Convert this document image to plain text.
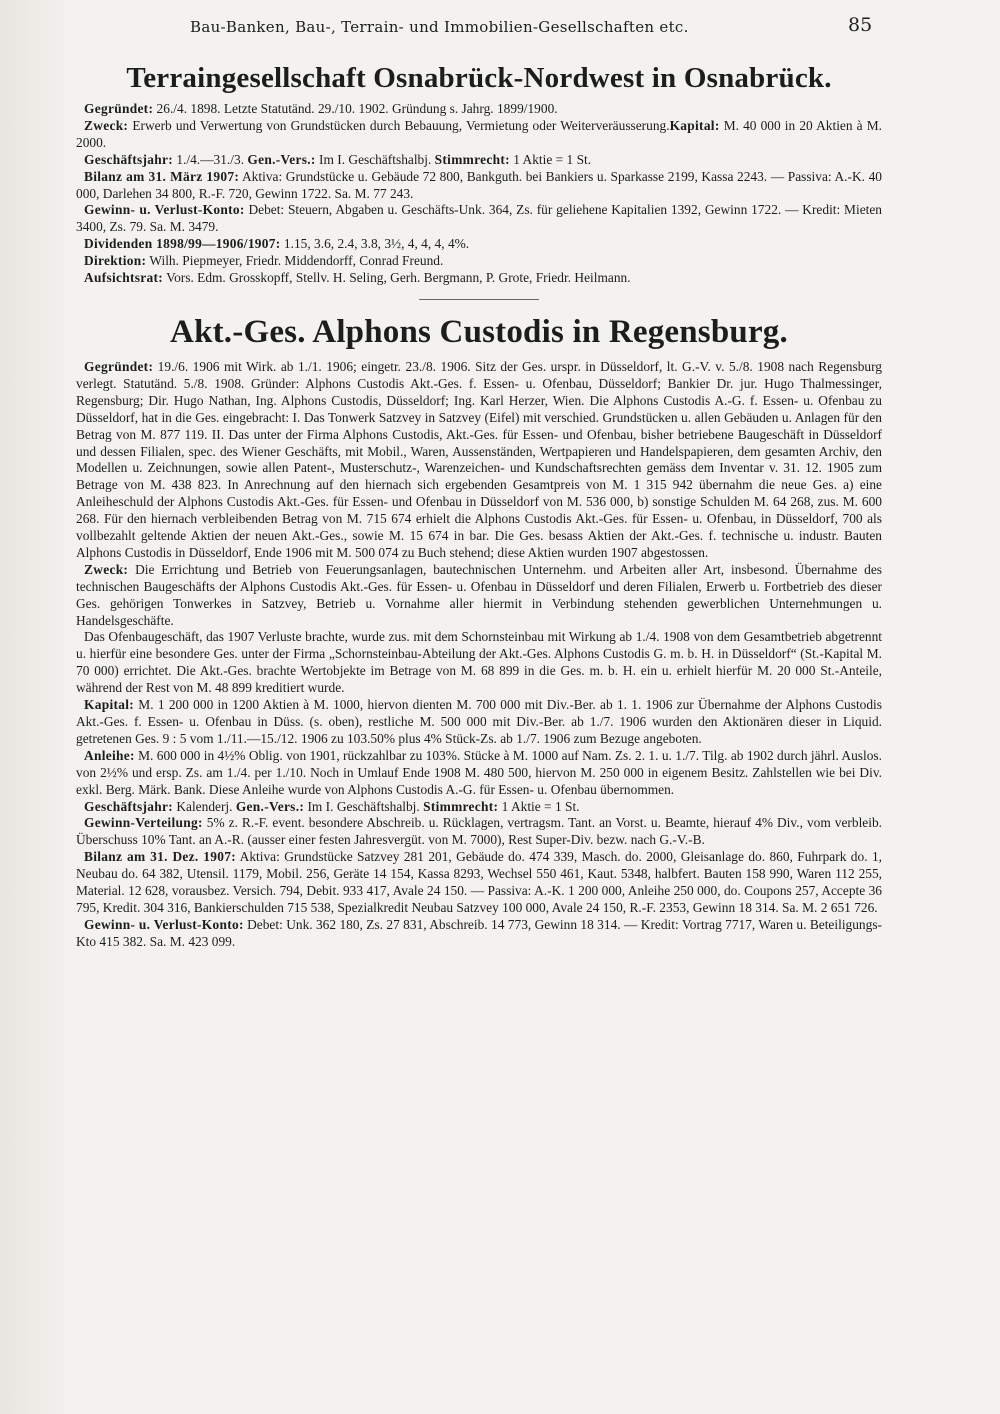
Bau-Banken, Bau-, Terrain- und Immobilien-Gesellschaften etc.	85
Terraingesellschaft Osnabrück-Nordwest in Osnabrück.

Gegründet: 26./4. 1898. Letzte Statutänd. 29./10. 1902. Gründung s. Jahrg. 1899/1900.

Zweck: Erwerb und Verwertung von Grundstücken durch Bebauung, Vermietung oder Weiterveräusserung.Kapital: M. 40 000 in 20 Aktien à M. 2000.

Geschäftsjahr: 1./4.—31./3. Gen.-Vers.: Im I. Geschäftshalbj. Stimmrecht: 1 Aktie = 1 St.

Bilanz am 31. März 1907: Aktiva: Grundstücke u. Gebäude 72 800, Bankguth. bei Bankiers u. Sparkasse 2199, Kassa 2243. — Passiva: A.-K. 40 000, Darlehen 34 800, R.-F. 720, Gewinn 1722. Sa. M. 77 243.

Gewinn- u. Verlust-Konto: Debet: Steuern, Abgaben u. Geschäfts-Unk. 364, Zs. für geliehene Kapitalien 1392, Gewinn 1722. — Kredit: Mieten 3400, Zs. 79. Sa. M. 3479.

Dividenden 1898/99—1906/1907: 1.15, 3.6, 2.4, 3.8, 3½, 4, 4, 4, 4%.

Direktion: Wilh. Piepmeyer, Friedr. Middendorff, Conrad Freund.

Aufsichtsrat: Vors. Edm. Grosskopff, Stellv. H. Seling, Gerh. Bergmann, P. Grote, Friedr. Heilmann.

Akt.-Ges. Alphons Custodis in Regensburg.

Gegründet: 19./6. 1906 mit Wirk. ab 1./1. 1906; eingetr. 23./8. 1906. Sitz der Ges. urspr. in Düsseldorf, lt. G.-V. v. 5./8. 1908 nach Regensburg verlegt. Statutänd. 5./8. 1908. Gründer: Alphons Custodis Akt.-Ges. f. Essen- u. Ofenbau, Düsseldorf; Bankier Dr. jur. Hugo Thalmessinger, Regensburg; Dir. Hugo Nathan, Ing. Alphons Custodis, Düsseldorf; Ing. Karl Herzer, Wien. Die Alphons Custodis A.-G. f. Essen- u. Ofenbau zu Düsseldorf, hat in die Ges. eingebracht: I. Das Tonwerk Satzvey in Satzvey (Eifel) mit verschied. Grundstücken u. allen Gebäuden u. Anlagen für den Betrag von M. 877 119. II. Das unter der Firma Alphons Custodis, Akt.-Ges. für Essen- und Ofenbau, bisher betriebene Baugeschäft in Düsseldorf und dessen Filialen, spec. des Wiener Geschäfts, mit Mobil., Waren, Aussenständen, Wertpapieren und Handelspapieren, dem gesamten Archiv, den Modellen u. Zeichnungen, sowie allen Patent-, Musterschutz-, Warenzeichen- und Kundschaftsrechten gemäss dem Inventar v. 31. 12. 1905 zum Betrage von M. 438 823. In Anrechnung auf den hiernach sich ergebenden Gesamtpreis von M. 1 315 942 übernahm die neue Ges. a) eine Anleiheschuld der Alphons Custodis Akt.-Ges. für Essen- und Ofenbau in Düsseldorf von M. 536 000, b) sonstige Schulden M. 64 268, zus. M. 600 268. Für den hiernach verbleibenden Betrag von M. 715 674 erhielt die Alphons Custodis Akt.-Ges. für Essen- u. Ofenbau, in Düsseldorf, 700 als vollbezahlt geltende Aktien der neuen Akt.-Ges., sowie M. 15 674 in bar. Die Ges. besass Aktien der Akt.-Ges. f. technische u. industr. Bauten Alphons Custodis in Düsseldorf, Ende 1906 mit M. 500 074 zu Buch stehend; diese Aktien wurden 1907 abgestossen.

Zweck: Die Errichtung und Betrieb von Feuerungsanlagen, bautechnischen Unternehm. und Arbeiten aller Art, insbesond. Übernahme des technischen Baugeschäfts der Alphons Custodis Akt.-Ges. für Essen- u. Ofenbau in Düsseldorf und deren Filialen, Erwerb u. Fortbetrieb des dieser Ges. gehörigen Tonwerkes in Satzvey, Betrieb u. Vornahme aller hiermit in Verbindung stehenden gewerblichen Unternehmungen u. Handelsgeschäfte.

Das Ofenbaugeschäft, das 1907 Verluste brachte, wurde zus. mit dem Schornsteinbau mit Wirkung ab 1./4. 1908 von dem Gesamtbetrieb abgetrennt u. hierfür eine besondere Ges. unter der Firma „Schornsteinbau-Abteilung der Akt.-Ges. Alphons Custodis G. m. b. H. in Düsseldorf“ (St.-Kapital M. 70 000) errichtet. Die Akt.-Ges. brachte Wertobjekte im Betrage von M. 68 899 in die Ges. m. b. H. ein u. erhielt hierfür M. 20 000 St.-Anteile, während der Rest von M. 48 899 kreditiert wurde.

Kapital: M. 1 200 000 in 1200 Aktien à M. 1000, hiervon dienten M. 700 000 mit Div.-Ber. ab 1. 1. 1906 zur Übernahme der Alphons Custodis Akt.-Ges. f. Essen- u. Ofenbau in Düss. (s. oben), restliche M. 500 000 mit Div.-Ber. ab 1./7. 1906 wurden den Aktionären dieser in Liquid. getretenen Ges. 9 : 5 vom 1./11.—15./12. 1906 zu 103.50% plus 4% Stück-Zs. ab 1./7. 1906 zum Bezuge angeboten.

Anleihe: M. 600 000 in 4½% Oblig. von 1901, rückzahlbar zu 103%. Stücke à M. 1000 auf Nam. Zs. 2. 1. u. 1./7. Tilg. ab 1902 durch jährl. Auslos. von 2½% und ersp. Zs. am 1./4. per 1./10. Noch in Umlauf Ende 1908 M. 480 500, hiervon M. 250 000 in eigenem Besitz. Zahlstellen wie bei Div. exkl. Berg. Märk. Bank. Diese Anleihe wurde von Alphons Custodis A.-G. für Essen- u. Ofenbau übernommen.

Geschäftsjahr: Kalenderj. Gen.-Vers.: Im I. Geschäftshalbj. Stimmrecht: 1 Aktie = 1 St.

Gewinn-Verteilung: 5% z. R.-F. event. besondere Abschreib. u. Rücklagen, vertragsm. Tant. an Vorst. u. Beamte, hierauf 4% Div., vom verbleib. Überschuss 10% Tant. an A.-R. (ausser einer festen Jahresvergüt. von M. 7000), Rest Super-Div. bezw. nach G.-V.-B.

Bilanz am 31. Dez. 1907: Aktiva: Grundstücke Satzvey 281 201, Gebäude do. 474 339, Masch. do. 2000, Gleisanlage do. 860, Fuhrpark do. 1, Neubau do. 64 382, Utensil. 1179, Mobil. 256, Geräte 14 154, Kassa 8293, Wechsel 550 461, Kaut. 5348, halbfert. Bauten 158 990, Waren 112 255, Material. 12 628, vorausbez. Versich. 794, Debit. 933 417, Avale 24 150. — Passiva: A.-K. 1 200 000, Anleihe 250 000, do. Coupons 257, Accepte 36 795, Kredit. 304 316, Bankierschulden 715 538, Spezialkredit Neubau Satzvey 100 000, Avale 24 150, R.-F. 2353, Gewinn 18 314. Sa. M. 2 651 726.

Gewinn- u. Verlust-Konto: Debet: Unk. 362 180, Zs. 27 831, Abschreib. 14 773, Gewinn 18 314. — Kredit: Vortrag 7717, Waren u. Beteiligungs-Kto 415 382. Sa. M. 423 099.
